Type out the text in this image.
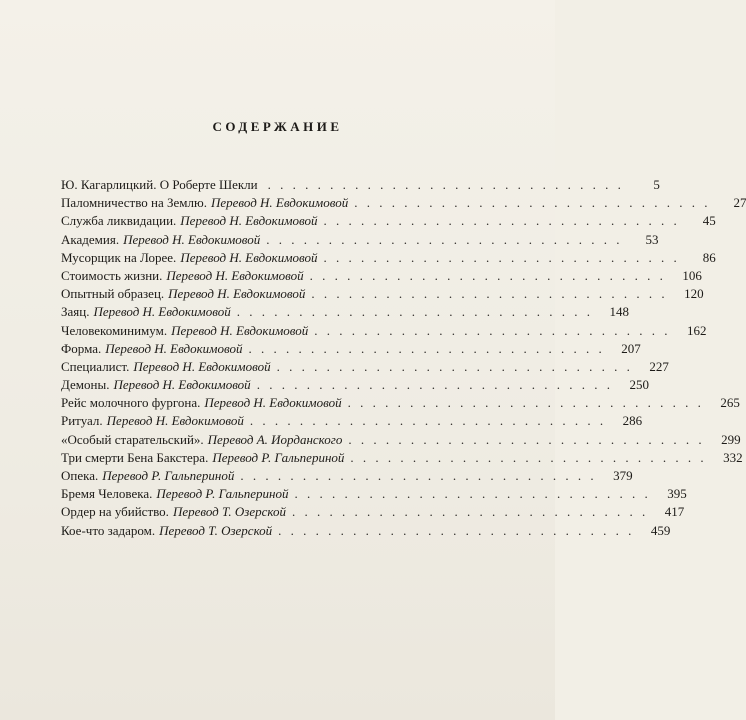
СОДЕРЖАНИЕ
Ю. Кагарлицкий. О Роберте Шекли . . . . . . . . . . . . . . . . . . . . . . . . . . . . .	5
Паломничество на Землю. Перевод Н. Евдокимовой . . . . . . . . . . . . . . . . . . . . . . . . . . . . .	27
Служба ликвидации. Перевод Н. Евдокимовой . . . . . . . . . . . . . . . . . . . . . . . . . . . . .	45
Академия. Перевод Н. Евдокимовой . . . . . . . . . . . . . . . . . . . . . . . . . . . . .	53
Мусорщик на Лорее. Перевод Н. Евдокимовой . . . . . . . . . . . . . . . . . . . . . . . . . . . . .	86
Стоимость жизни. Перевод Н. Евдокимовой . . . . . . . . . . . . . . . . . . . . . . . . . . . . .	106
Опытный образец. Перевод Н. Евдокимовой . . . . . . . . . . . . . . . . . . . . . . . . . . . . .	120
Заяц. Перевод Н. Евдокимовой . . . . . . . . . . . . . . . . . . . . . . . . . . . . .	148
Человекоминимум. Перевод Н. Евдокимовой . . . . . . . . . . . . . . . . . . . . . . . . . . . . .	162
Форма. Перевод Н. Евдокимовой . . . . . . . . . . . . . . . . . . . . . . . . . . . . .	207
Специалист. Перевод Н. Евдокимовой . . . . . . . . . . . . . . . . . . . . . . . . . . . . .	227
Демоны. Перевод Н. Евдокимовой . . . . . . . . . . . . . . . . . . . . . . . . . . . . .	250
Рейс молочного фургона. Перевод Н. Евдокимовой . . . . . . . . . . . . . . . . . . . . . . . . . . . . .	265
Ритуал. Перевод Н. Евдокимовой . . . . . . . . . . . . . . . . . . . . . . . . . . . . .	286
«Особый старательский». Перевод А. Иорданского . . . . . . . . . . . . . . . . . . . . . . . . . . . . .	299
Три смерти Бена Бакстера. Перевод Р. Гальпериной . . . . . . . . . . . . . . . . . . . . . . . . . . . . .	332
Опека. Перевод Р. Гальпериной . . . . . . . . . . . . . . . . . . . . . . . . . . . . .	379
Бремя Человека. Перевод Р. Гальпериной . . . . . . . . . . . . . . . . . . . . . . . . . . . . .	395
Ордер на убийство. Перевод Т. Озерской . . . . . . . . . . . . . . . . . . . . . . . . . . . . .	417
Кое-что задаром. Перевод Т. Озерской . . . . . . . . . . . . . . . . . . . . . . . . . . . . .	459
